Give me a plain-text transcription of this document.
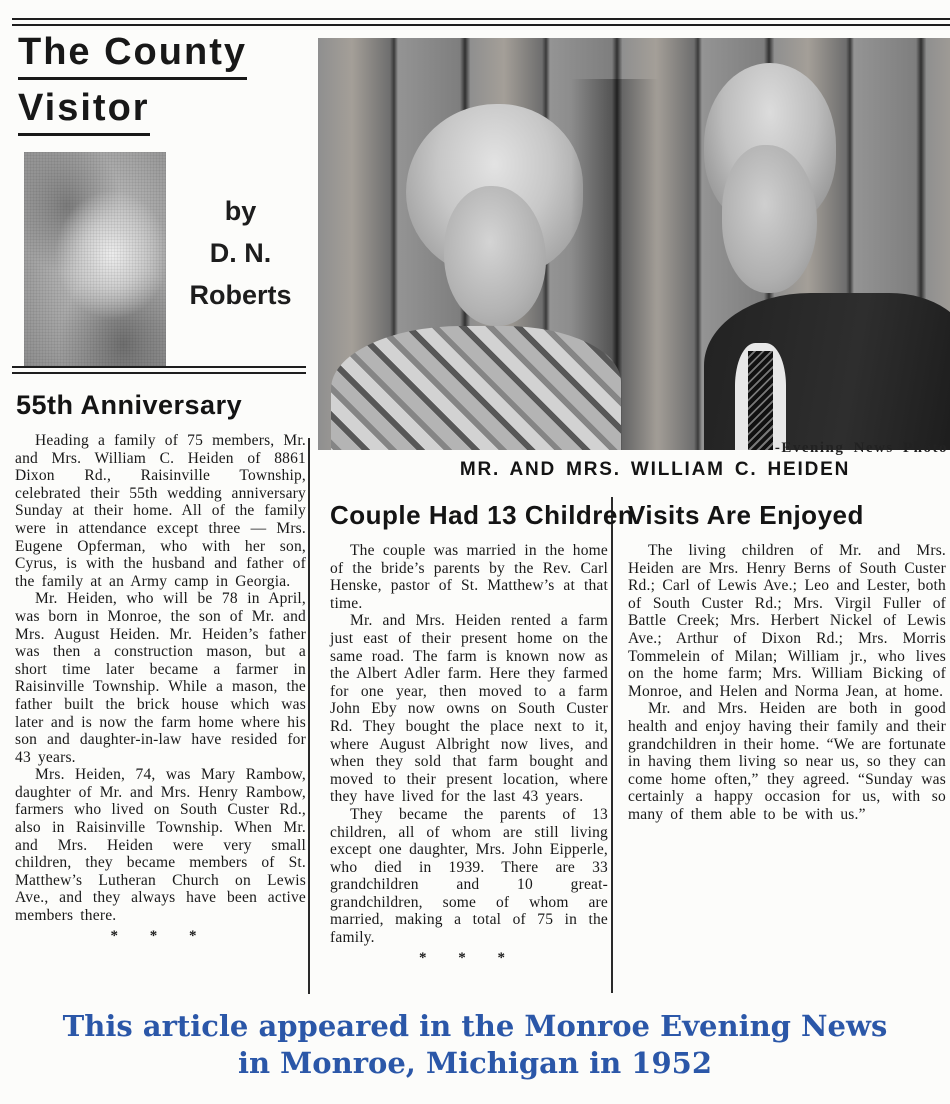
The County
Visitor
by
D. N.
Roberts
-Evening News Photo
MR. AND MRS. WILLIAM C. HEIDEN
55th Anniversary

Heading a family of 75 members, Mr. and Mrs. William C. Heiden of 8861 Dixon Rd., Raisinville Township, celebrated their 55th wedding anniversary Sunday at their home. All of the family were in attendance except three — Mrs. Eugene Opferman, who with her son, Cyrus, is with the husband and father of the family at an Army camp in Georgia.

Mr. Heiden, who will be 78 in April, was born in Monroe, the son of Mr. and Mrs. August Heiden. Mr. Heiden’s father was then a construction mason, but a short time later became a farmer in Raisinville Township. While a mason, the father built the brick house which was later and is now the farm home where his son and daughter-in-law have resided for 43 years.

Mrs. Heiden, 74, was Mary Rambow, daughter of Mr. and Mrs. Henry Rambow, farmers who lived on South Custer Rd., also in Raisinville Township. When Mr. and Mrs. Heiden were very small children, they became members of St. Matthew’s Lutheran Church on Lewis Ave., and they always have been active members there.

* * *
Couple Had 13 Children

The couple was married in the home of the bride’s parents by the Rev. Carl Henske, pastor of St. Matthew’s at that time.

Mr. and Mrs. Heiden rented a farm just east of their present home on the same road. The farm is known now as the Albert Adler farm. Here they farmed for one year, then moved to a farm John Eby now owns on South Custer Rd. They bought the place next to it, where August Albright now lives, and when they sold that farm bought and moved to their present location, where they have lived for the last 43 years.

They became the parents of 13 children, all of whom are still living except one daughter, Mrs. John Eipperle, who died in 1939. There are 33 grandchildren and 10 great-grandchildren, some of whom are married, making a total of 75 in the family.

* * *
Visits Are Enjoyed

The living children of Mr. and Mrs. Heiden are Mrs. Henry Berns of South Custer Rd.; Carl of Lewis Ave.; Leo and Lester, both of South Custer Rd.; Mrs. Virgil Fuller of Battle Creek; Mrs. Herbert Nickel of Lewis Ave.; Arthur of Dixon Rd.; Mrs. Morris Tommelein of Milan; William jr., who lives on the home farm; Mrs. William Bicking of Monroe, and Helen and Norma Jean, at home.

Mr. and Mrs. Heiden are both in good health and enjoy having their family and their grandchildren in their home. “We are fortunate in having them living so near us, so they can come home often,” they agreed. “Sunday was certainly a happy occasion for us, with so many of them able to be with us.”

This article appeared in the Monroe Evening News
in Monroe, Michigan in 1952
